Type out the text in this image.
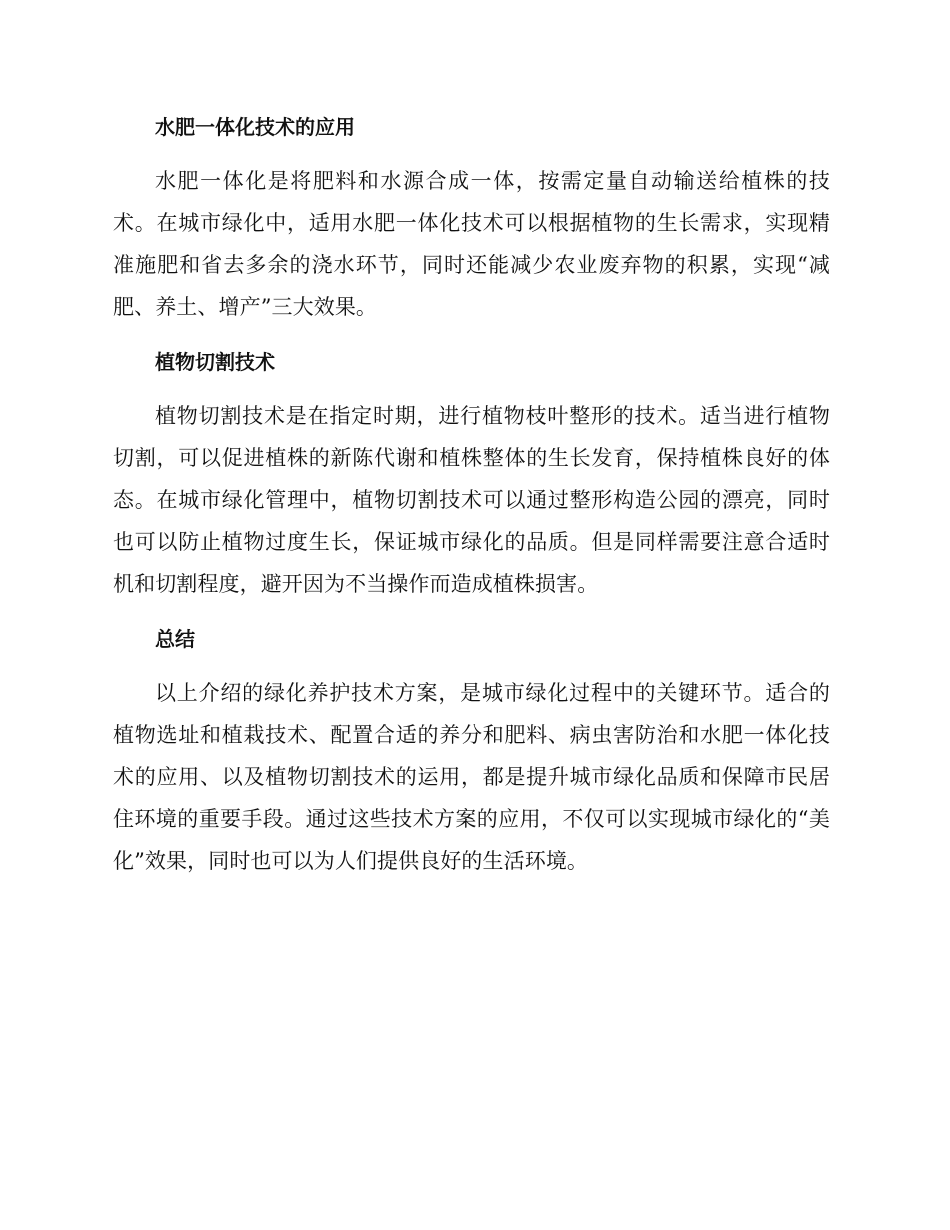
水肥一体化技术的应用

水肥一体化是将肥料和水源合成一体，按需定量自动输送给植株的技术。在城市绿化中，适用水肥一体化技术可以根据植物的生长需求，实现精准施肥和省去多余的浇水环节，同时还能减少农业废弃物的积累，实现“减肥、养土、增产”三大效果。

植物切割技术

植物切割技术是在指定时期，进行植物枝叶整形的技术。适当进行植物切割，可以促进植株的新陈代谢和植株整体的生长发育，保持植株良好的体态。在城市绿化管理中，植物切割技术可以通过整形构造公园的漂亮，同时也可以防止植物过度生长，保证城市绿化的品质。但是同样需要注意合适时机和切割程度，避开因为不当操作而造成植株损害。

总结

以上介绍的绿化养护技术方案，是城市绿化过程中的关键环节。适合的植物选址和植栽技术、配置合适的养分和肥料、病虫害防治和水肥一体化技术的应用、以及植物切割技术的运用，都是提升城市绿化品质和保障市民居住环境的重要手段。通过这些技术方案的应用，不仅可以实现城市绿化的“美化”效果，同时也可以为人们提供良好的生活环境。
